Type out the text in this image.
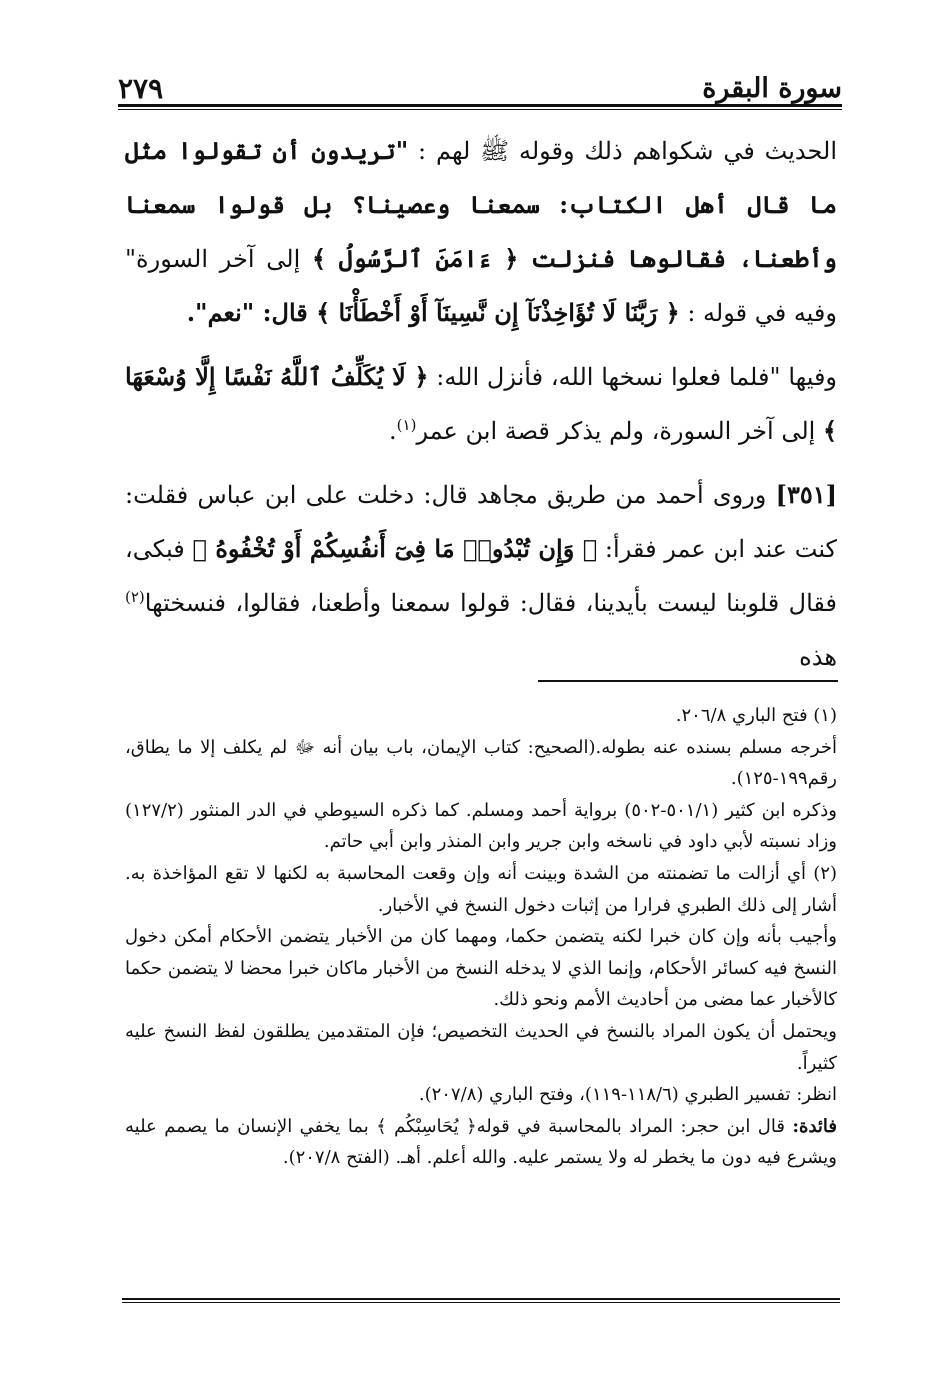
سورة البقرة
٢٧٩

الحديث في شكواهم ذلك وقوله ﷺ لهم : "تريدون أن تقولوا مثل ما قال أهل الكتاب: سمعنا وعصينا؟ بل قولوا سمعنا وأطعنا، فقالوها فنزلت ﴿ ءَامَنَ ٱلرَّسُولُ ﴾ إلى آخر السورة" وفيه في قوله : ﴿ رَبَّنَا لَا تُؤَاخِذْنَآ إِن نَّسِينَآ أَوْ أَخْطَأْنَا ﴾ قال: "نعم".

وفيها "فلما فعلوا نسخها الله، فأنزل الله: ﴿ لَا يُكَلِّفُ ٱللَّهُ نَفْسًا إِلَّا وُسْعَهَا ﴾ إلى آخر السورة، ولم يذكر قصة ابن عمر$^{(١)}$.

[٣٥١] وروى أحمد من طريق مجاهد قال: دخلت على ابن عباس فقلت: كنت عند ابن عمر فقرأ: ﴿ وَإِن تُبْدُوا۟ مَا فِىٓ أَنفُسِكُمْ أَوْ تُخْفُوهُ ﴾ فبكى، فقال قلوبنا ليست بأيدينا، فقال: قولوا سمعنا وأطعنا، فقالوا، فنسختها$^{(٢)}$ هذه

(١) فتح الباري ٢٠٦/٨.

أخرجه مسلم بسنده عنه بطوله.(الصحيح: كتاب الإيمان، باب بيان أنه ﷻ لم يكلف إلا ما يطاق، رقم١٩٩-١٢٥).

وذكره ابن كثير (٥٠١/١-٥٠٢) برواية أحمد ومسلم. كما ذكره السيوطي في الدر المنثور (١٢٧/٢) وزاد نسبته لأبي داود في ناسخه وابن جرير وابن المنذر وابن أبي حاتم.

(٢) أي أزالت ما تضمنته من الشدة وبينت أنه وإن وقعت المحاسبة به لكنها لا تقع المؤاخذة به. أشار إلى ذلك الطبري فرارا من إثبات دخول النسخ في الأخبار.

وأجيب بأنه وإن كان خبرا لكنه يتضمن حكما، ومهما كان من الأخبار يتضمن الأحكام أمكن دخول النسخ فيه كسائر الأحكام، وإنما الذي لا يدخله النسخ من الأخبار ماكان خبرا محضا لا يتضمن حكما كالأخبار عما مضى من أحاديث الأمم ونحو ذلك.

ويحتمل أن يكون المراد بالنسخ في الحديث التخصيص؛ فإن المتقدمين يطلقون لفظ النسخ عليه كثيراً.

انظر: تفسير الطبري (١١٨/٦-١١٩)، وفتح الباري (٢٠٧/٨).

فائدة: قال ابن حجر: المراد بالمحاسبة في قوله﴿ يُحَاسِبْكُم ﴾ بما يخفي الإنسان ما يصمم عليه ويشرع فيه دون ما يخطر له ولا يستمر عليه. والله أعلم. أهـ. (الفتح ٢٠٧/٨).
